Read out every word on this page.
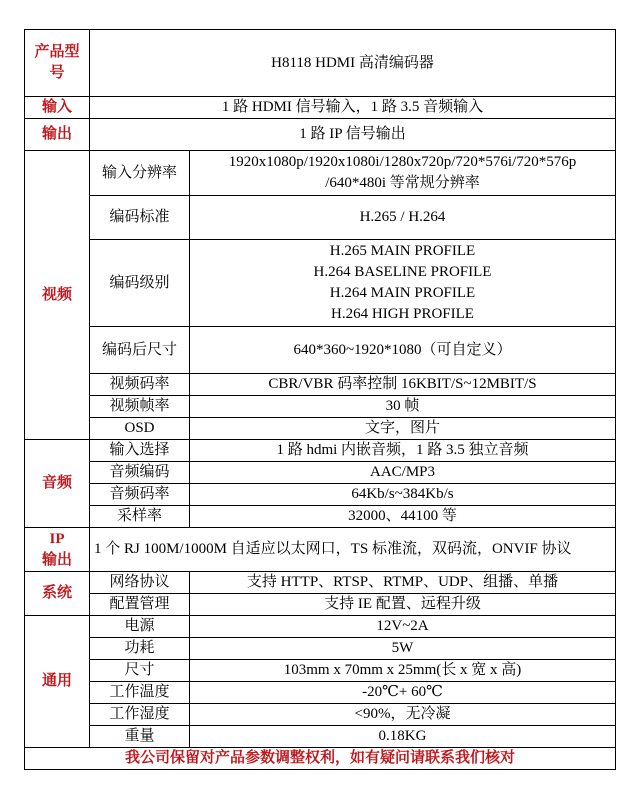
产品型号	H8118 HDMI 高清编码器	
输入	1 路 HDMI 信号输入，1 路 3.5 音频输入	
输出	1 路 IP 信号输出	
视频	输入分辨率	1920x1080p/1920x1080i/1280x720p/720*576i/720*576p
/640*480i 等常规分辨率

	编码标准	H.265 / H.264

	编码级别	H.265 MAIN PROFILE
H.264 BASELINE PROFILE
H.264 MAIN PROFILE
H.264 HIGH PROFILE

	编码后尺寸	640*360~1920*1080（可自定义）

	视频码率	CBR/VBR 码率控制 16KBIT/S~12MBIT/S

	视频帧率	30 帧

	OSD	文字，图片

音频	输入选择	1 路 hdmi 内嵌音频，1 路 3.5 独立音频
	音频编码	AAC/MP3
	音频码率	64Kb/s~384Kb/s
	采样率	32000、44100 等

IP
输出	1 个 RJ 100M/1000M 自适应以太网口，TS 标准流，双码流，ONVIF 协议	
系统	网络协议	支持 HTTP、RTSP、RTMP、UDP、组播、单播
	配置管理	支持 IE 配置、远程升级
通用	电源	12V~2A
	功耗	5W
	尺寸	103mm x 70mm x 25mm(长 x 宽 x 高)
	工作温度	-20℃+ 60℃
	工作湿度	<90%，无冷凝
	重量	0.18KG
我公司保留对产品参数调整权利，如有疑问请联系我们核对		
